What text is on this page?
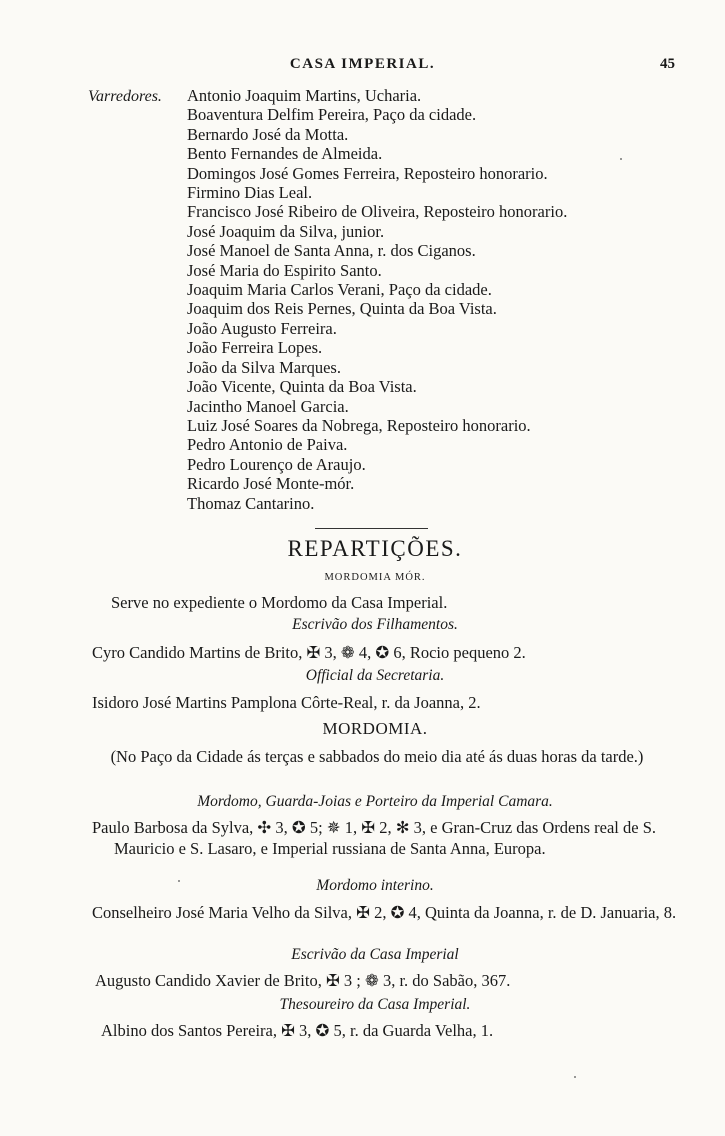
CASA IMPERIAL.	45
Varredores. Antonio Joaquim Martins, Ucharia.
Boaventura Delfim Pereira, Paço da cidade.
Bernardo José da Motta.
Bento Fernandes de Almeida.
Domingos José Gomes Ferreira, Reposteiro honorario.
Firmino Dias Leal.
Francisco José Ribeiro de Oliveira, Reposteiro honorario.
José Joaquim da Silva, junior.
José Manoel de Santa Anna, r. dos Ciganos.
José Maria do Espirito Santo.
Joaquim Maria Carlos Verani, Paço da cidade.
Joaquim dos Reis Pernes, Quinta da Boa Vista.
João Augusto Ferreira.
João Ferreira Lopes.
João da Silva Marques.
João Vicente, Quinta da Boa Vista.
Jacintho Manoel Garcia.
Luiz José Soares da Nobrega, Reposteiro honorario.
Pedro Antonio de Paiva.
Pedro Lourenço de Araujo.
Ricardo José Monte-mór.
Thomaz Cantarino.
REPARTIÇÕES.
MORDOMIA MÓR.
Serve no expediente o Mordomo da Casa Imperial.
Escrivão dos Filhamentos.
Cyro Candido Martins de Brito, ✠ 3, ❁ 4, ✪ 6, Rocio pequeno 2.
Official da Secretaria.
Isidoro José Martins Pamplona Côrte-Real, r. da Joanna, 2.
MORDOMIA.
(No Paço da Cidade ás terças e sabbados do meio dia até ás duas horas da tarde.)
Mordomo, Guarda-Joias e Porteiro da Imperial Camara.
Paulo Barbosa da Sylva, ✣ 3, ✪ 5; ✵ 1, ✠ 2, ✻ 3, e Gran-Cruz das Ordens real de S. Mauricio e S. Lasaro, e Imperial russiana de Santa Anna, Europa.
Mordomo interino.
Conselheiro José Maria Velho da Silva, ✠ 2, ✪ 4, Quinta da Joanna, r. de D. Januaria, 8.
Escrivão da Casa Imperial
Augusto Candido Xavier de Brito, ✠ 3 ; ❁ 3, r. do Sabão, 367.
Thesoureiro da Casa Imperial.
Albino dos Santos Pereira, ✠ 3, ✪ 5, r. da Guarda Velha, 1.
